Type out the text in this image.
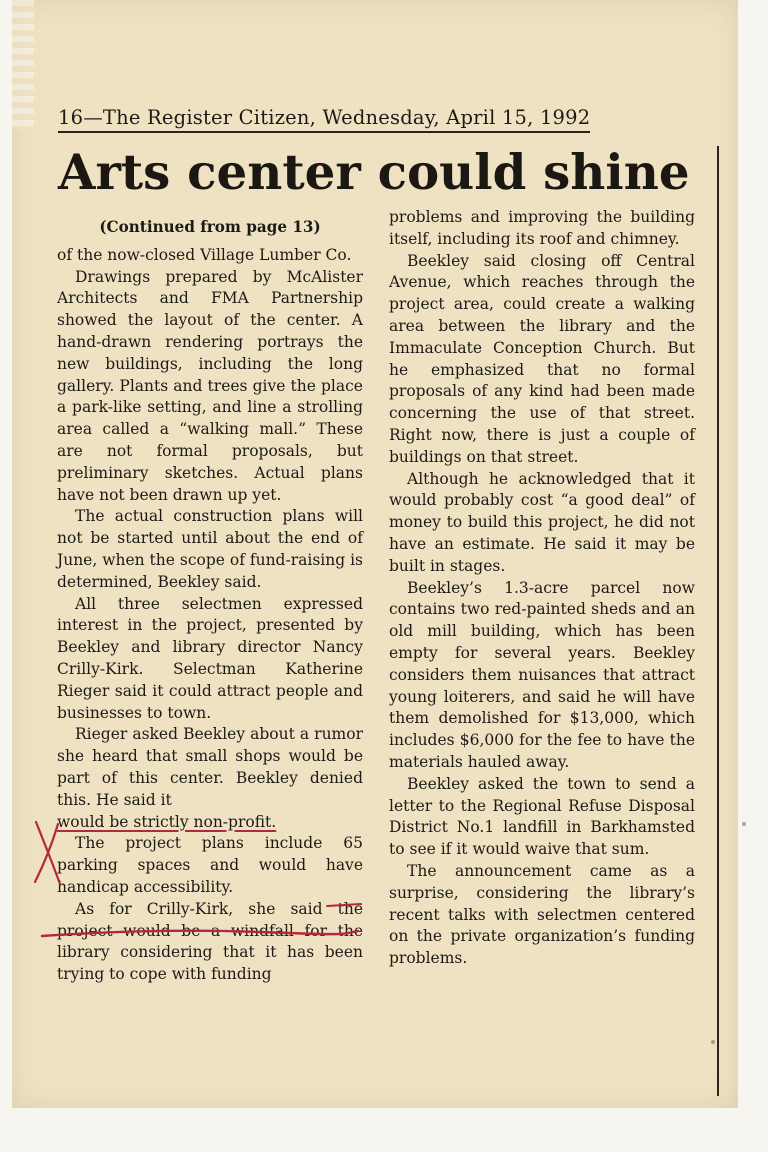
16—The Register Citizen, Wednesday, April 15, 1992
Arts center could shine

(Continued from page 13)

of the now-closed Village Lumber Co.

Drawings prepared by McAlister Architects and FMA Partnership showed the layout of the center. A hand-drawn rendering portrays the new buildings, including the long gallery. Plants and trees give the place a park-like setting, and line a strolling area called a “walking mall.” These are not formal proposals, but preliminary sketches. Actual plans have not been drawn up yet.

The actual construction plans will not be started until about the end of June, when the scope of fund-raising is determined, Beekley said.

All three selectmen expressed interest in the project, presented by Beekley and library director Nancy Crilly-Kirk. Selectman Katherine Rieger said it could attract people and businesses to town.

Rieger asked Beekley about a rumor she heard that small shops would be part of this center. Beekley denied this. He said it

would be strictly non-profit.

The project plans include 65 parking spaces and would have handicap accessibility.

As for Crilly-Kirk, she said the project would be a windfall for the library considering that it has been trying to cope with funding

problems and improving the building itself, including its roof and chimney.

Beekley said closing off Central Avenue, which reaches through the project area, could create a walking area between the library and the Immaculate Conception Church. But he emphasized that no formal proposals of any kind had been made concerning the use of that street. Right now, there is just a couple of buildings on that street.

Although he acknowledged that it would probably cost “a good deal” of money to build this project, he did not have an estimate. He said it may be built in stages.

Beekley’s 1.3-acre parcel now contains two red-painted sheds and an old mill building, which has been empty for several years. Beekley considers them nuisances that attract young loiterers, and said he will have them demolished for $13,000, which includes $6,000 for the fee to have the materials hauled away.

Beekley asked the town to send a letter to the Regional Refuse Disposal District No.1 landfill in Barkhamsted to see if it would waive that sum.

The announcement came as a surprise, considering the library’s recent talks with selectmen centered on the private organization’s funding problems.
